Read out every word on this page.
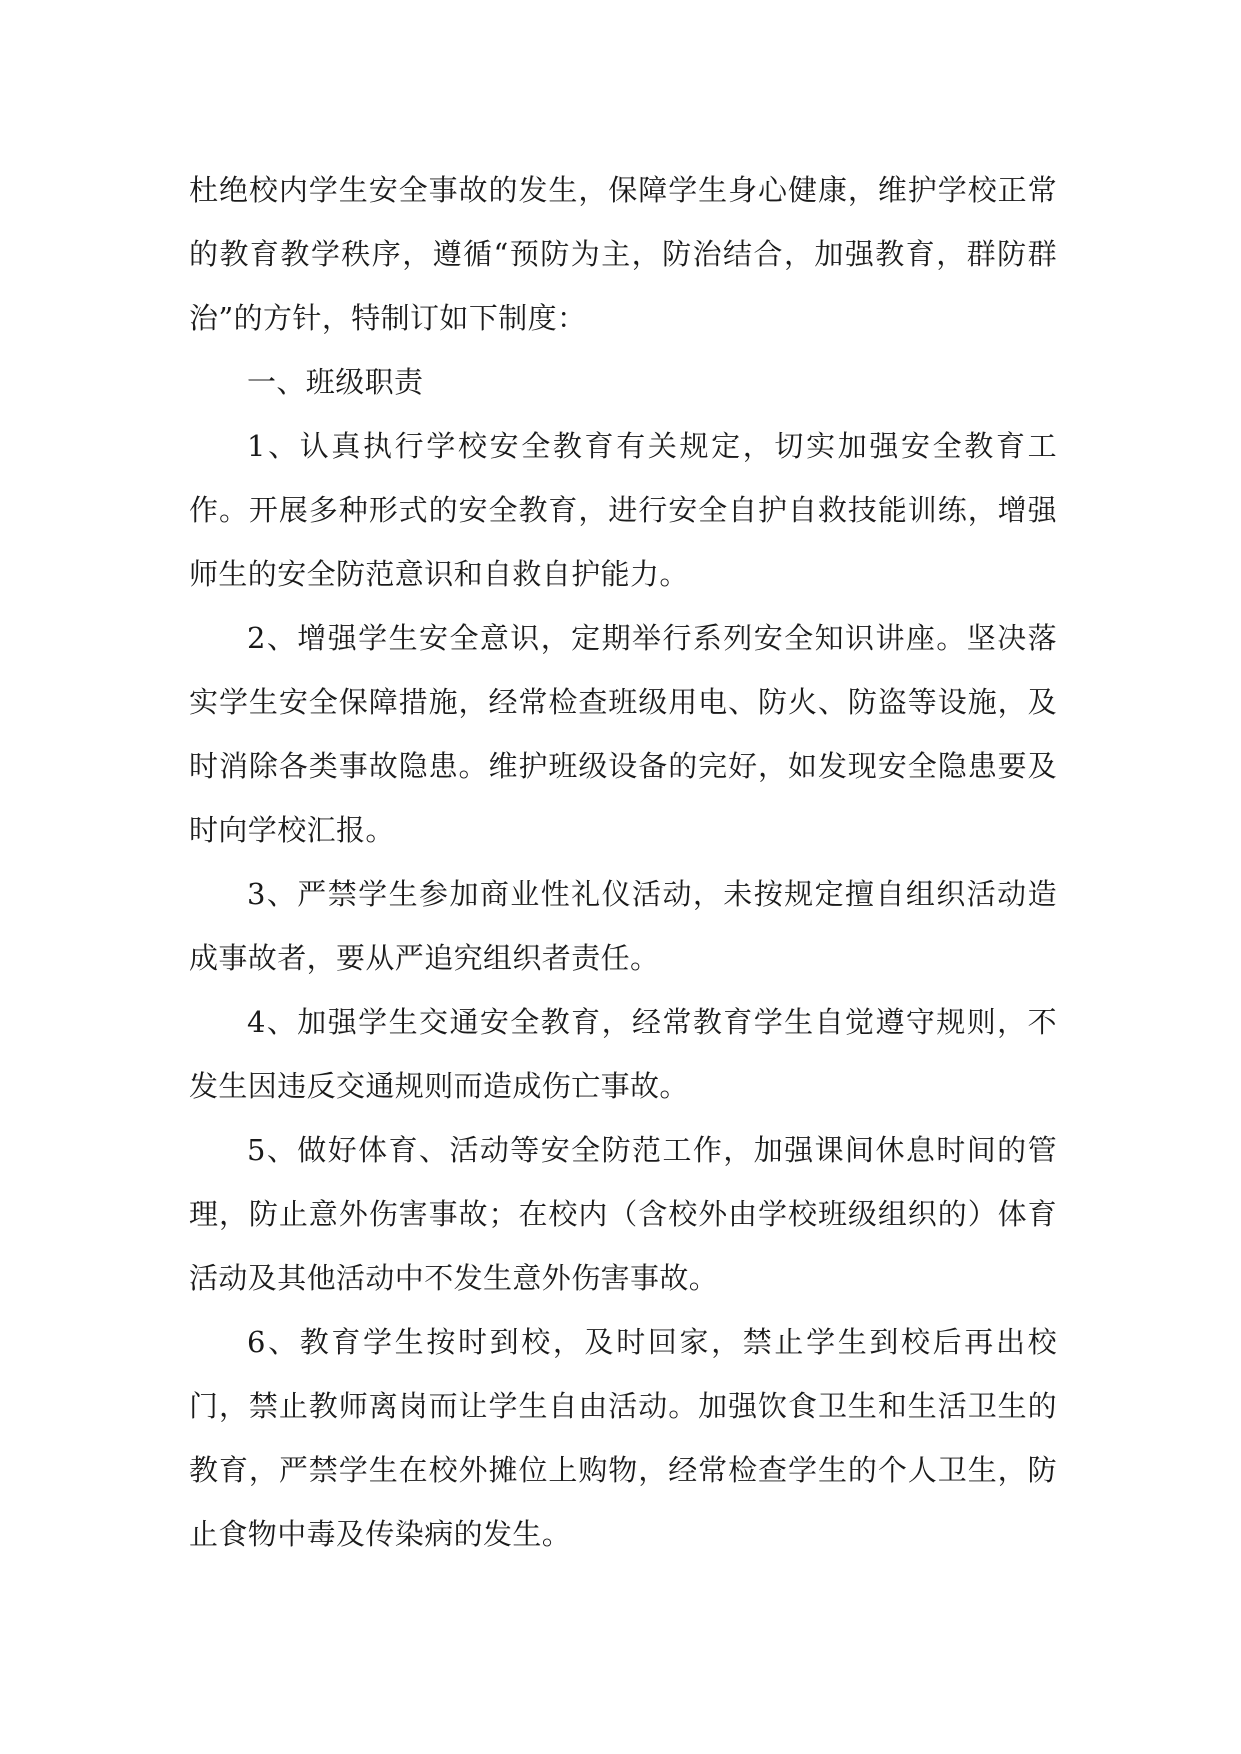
杜绝校内学生安全事故的发生，保障学生身心健康，维护学校正常的教育教学秩序，遵循“预防为主，防治结合，加强教育，群防群治”的方针，特制订如下制度：

一、班级职责

1、认真执行学校安全教育有关规定，切实加强安全教育工作。开展多种形式的安全教育，进行安全自护自救技能训练，增强师生的安全防范意识和自救自护能力。

2、增强学生安全意识，定期举行系列安全知识讲座。坚决落实学生安全保障措施，经常检查班级用电、防火、防盗等设施，及时消除各类事故隐患。维护班级设备的完好，如发现安全隐患要及时向学校汇报。

3、严禁学生参加商业性礼仪活动，未按规定擅自组织活动造成事故者，要从严追究组织者责任。

4、加强学生交通安全教育，经常教育学生自觉遵守规则，不发生因违反交通规则而造成伤亡事故。

5、做好体育、活动等安全防范工作，加强课间休息时间的管理，防止意外伤害事故；在校内（含校外由学校班级组织的）体育活动及其他活动中不发生意外伤害事故。

6、教育学生按时到校，及时回家，禁止学生到校后再出校门，禁止教师离岗而让学生自由活动。加强饮食卫生和生活卫生的教育，严禁学生在校外摊位上购物，经常检查学生的个人卫生，防止食物中毒及传染病的发生。
